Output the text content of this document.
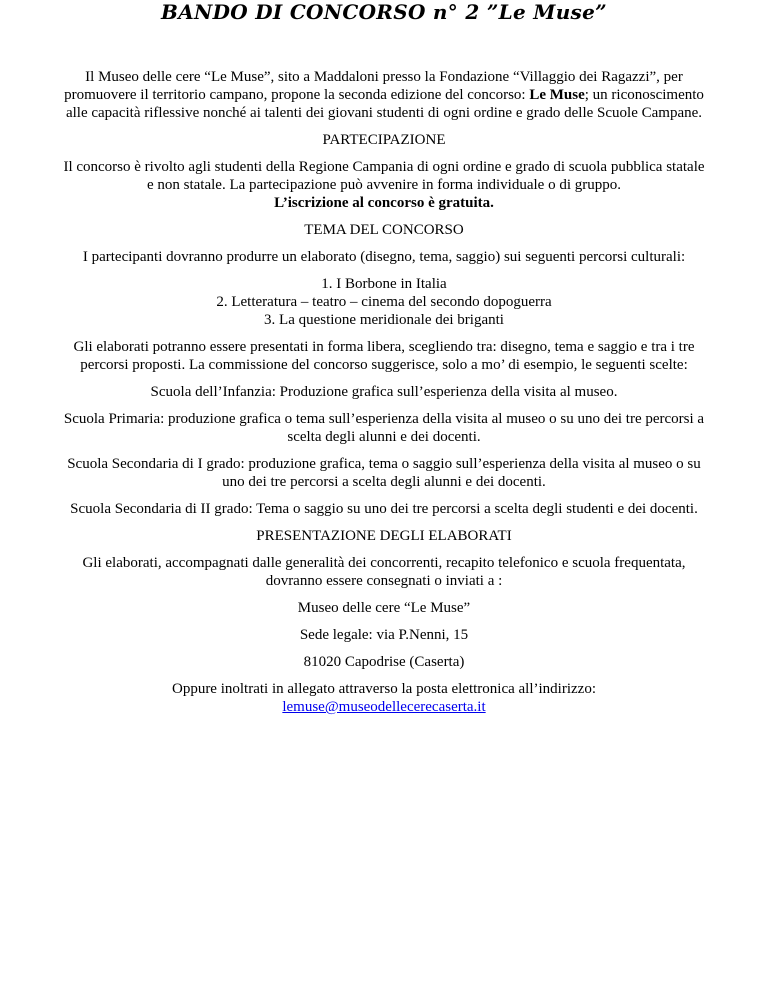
BANDO DI CONCORSO n° 2 ”Le Muse”

Il Museo delle cere “Le Muse”, sito a Maddaloni presso la Fondazione “Villaggio dei Ragazzi”, per promuovere il territorio campano, propone la seconda edizione del concorso: Le Muse; un riconoscimento alle capacità riflessive nonché ai talenti dei giovani studenti di ogni ordine e grado delle Scuole Campane.

PARTECIPAZIONE

Il concorso è rivolto agli studenti della Regione Campania di ogni ordine e grado di scuola pubblica statale e non statale. La partecipazione può avvenire in forma individuale o di gruppo.
L’iscrizione al concorso è gratuita.

TEMA DEL CONCORSO

I partecipanti dovranno produrre un elaborato (disegno, tema, saggio) sui seguenti percorsi culturali:

1. I Borbone in Italia
2. Letteratura – teatro – cinema del secondo dopoguerra
3. La questione meridionale dei briganti

Gli elaborati potranno essere presentati in forma libera, scegliendo tra: disegno, tema e saggio e tra i tre percorsi proposti. La commissione del concorso suggerisce, solo a mo’ di esempio, le seguenti scelte:

Scuola dell’Infanzia: Produzione grafica sull’esperienza della visita al museo.

Scuola Primaria: produzione grafica o tema sull’esperienza della visita al museo o su uno dei tre percorsi a scelta degli alunni e dei docenti.

Scuola Secondaria di I grado: produzione grafica, tema o saggio sull’esperienza della visita al museo o su uno dei tre percorsi a scelta degli alunni e dei docenti.

Scuola Secondaria di II grado: Tema o saggio su uno dei tre percorsi a scelta degli studenti e dei docenti.

PRESENTAZIONE DEGLI ELABORATI

Gli elaborati, accompagnati dalle generalità dei concorrenti, recapito telefonico e scuola frequentata, dovranno essere consegnati o inviati a :

Museo delle cere “Le Muse”

Sede legale: via P.Nenni, 15

81020 Capodrise (Caserta)

Oppure inoltrati in allegato attraverso la posta elettronica all’indirizzo:
lemuse@museodellecerecaserta.it
